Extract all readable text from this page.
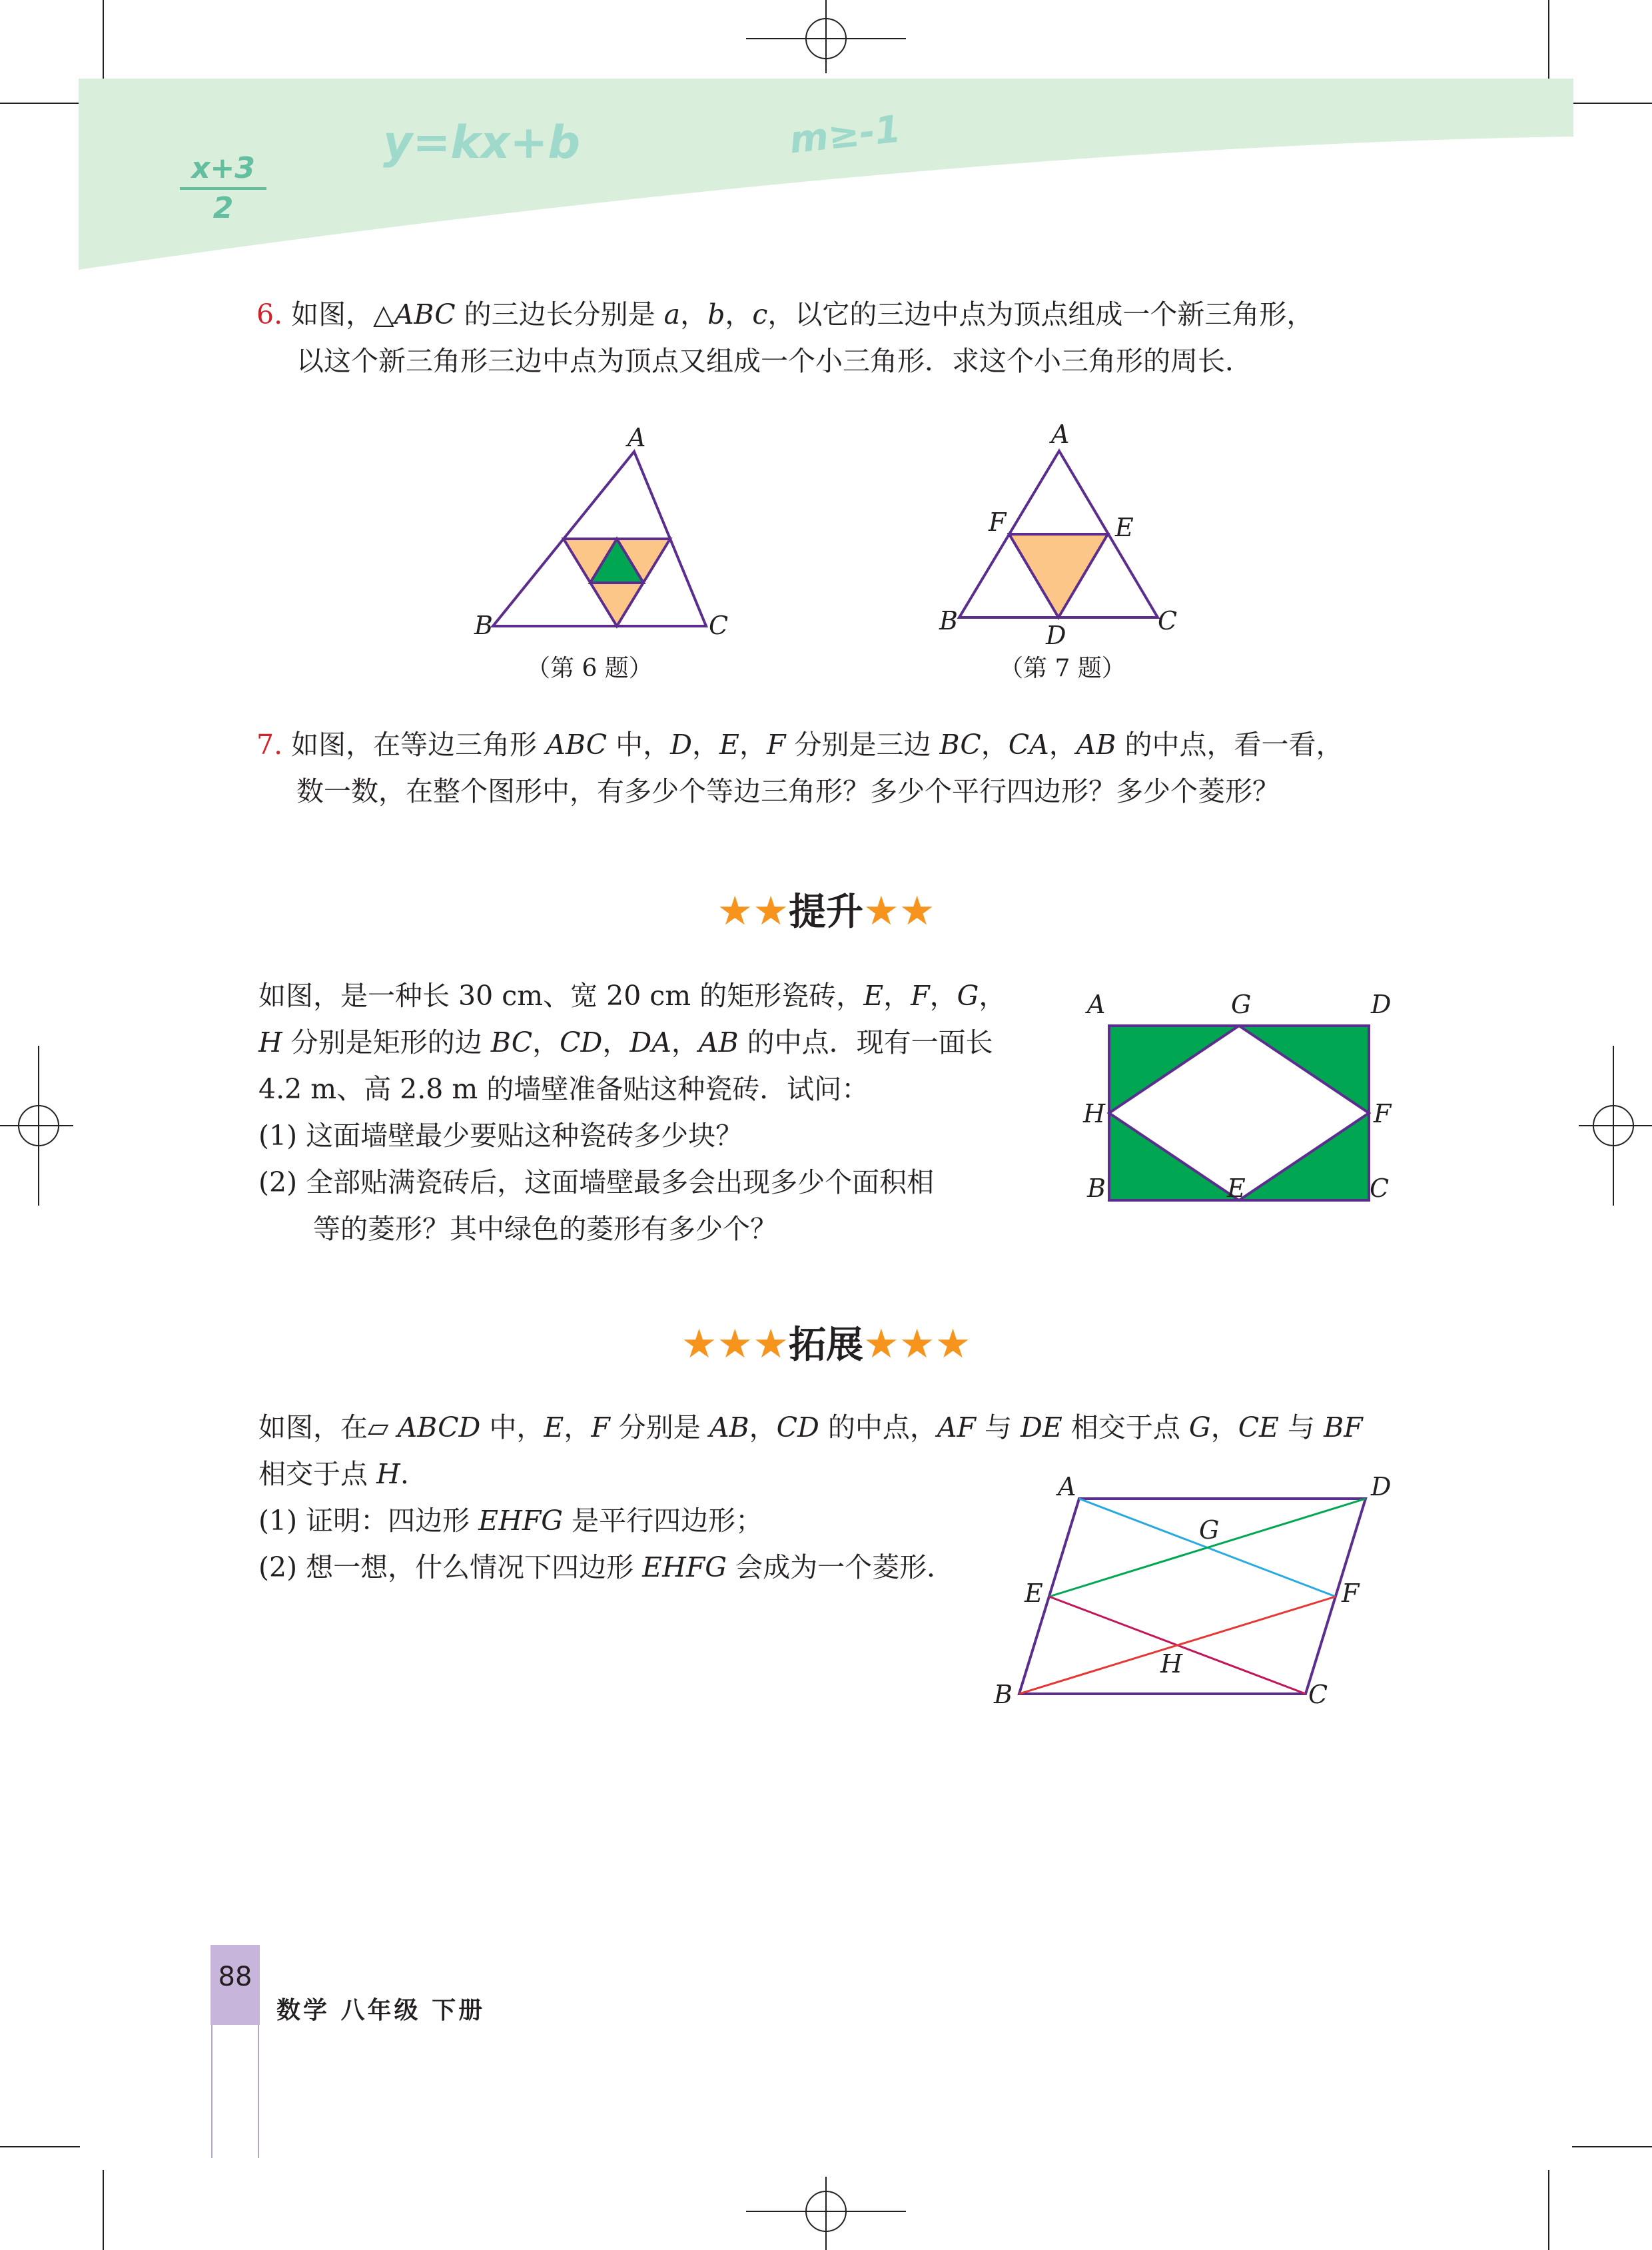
$\frac{x+3}{2}$
y=kx+b	m≥-1
6. 如图，△ABC 的三边长分别是 a，b，c，以它的三边中点为顶点组成一个新三角形，
以这个新三角形三边中点为顶点又组成一个小三角形．求这个小三角形的周长．
A
B	C
（第 6 题）
A
F	E
B	D	C
（第 7 题）
7. 如图，在等边三角形 ABC 中，D，E，F 分别是三边 BC，CA，AB 的中点，看一看，
数一数，在整个图形中，有多少个等边三角形？多少个平行四边形？多少个菱形？
★★提升★★
如图，是一种长 30 cm、宽 20 cm 的矩形瓷砖，E，F，G，
H 分别是矩形的边 BC，CD，DA，AB 的中点．现有一面长
4.2 m、高 2.8 m 的墙壁准备贴这种瓷砖．试问：
(1) 这面墙壁最少要贴这种瓷砖多少块？
(2) 全部贴满瓷砖后，这面墙壁最多会出现多少个面积相
等的菱形？其中绿色的菱形有多少个？
A	G	D
H	F
B	E	C
★★★拓展★★★
如图，在▱ ABCD 中，E，F 分别是 AB，CD 的中点，AF 与 DE 相交于点 G，CE 与 BF
相交于点 H.
(1) 证明：四边形 EHFG 是平行四边形；
(2) 想一想，什么情况下四边形 EHFG 会成为一个菱形．
A	D
G
E	F
H
B	C
88
数学 八年级 下册
